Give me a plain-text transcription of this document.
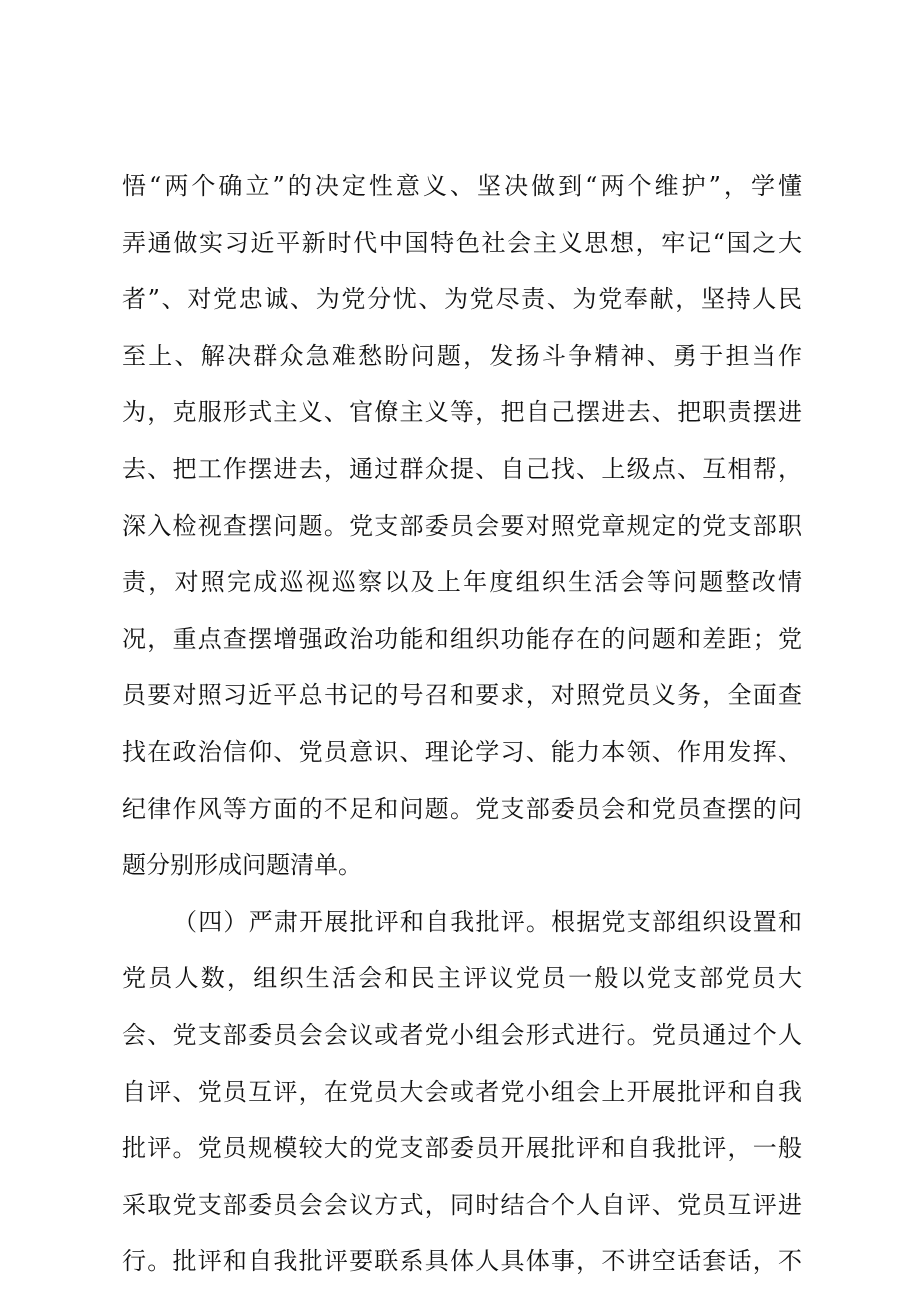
悟“两个确立”的决定性意义、坚决做到“两个维护”，学懂
弄通做实习近平新时代中国特色社会主义思想，牢记“国之大
者”、对党忠诚、为党分忧、为党尽责、为党奉献，坚持人民
至上、解决群众急难愁盼问题，发扬斗争精神、勇于担当作
为，克服形式主义、官僚主义等，把自己摆进去、把职责摆进
去、把工作摆进去，通过群众提、自己找、上级点、互相帮，
深入检视查摆问题。党支部委员会要对照党章规定的党支部职
责，对照完成巡视巡察以及上年度组织生活会等问题整改情
况，重点查摆增强政治功能和组织功能存在的问题和差距；党
员要对照习近平总书记的号召和要求，对照党员义务，全面查
找在政治信仰、党员意识、理论学习、能力本领、作用发挥、
纪律作风等方面的不足和问题。党支部委员会和党员查摆的问
题分别形成问题清单。
（四）严肃开展批评和自我批评。根据党支部组织设置和
党员人数，组织生活会和民主评议党员一般以党支部党员大
会、党支部委员会会议或者党小组会形式进行。党员通过个人
自评、党员互评，在党员大会或者党小组会上开展批评和自我
批评。党员规模较大的党支部委员开展批评和自我批评，一般
采取党支部委员会会议方式，同时结合个人自评、党员互评进
行。批评和自我批评要联系具体人具体事，不讲空话套话，不
